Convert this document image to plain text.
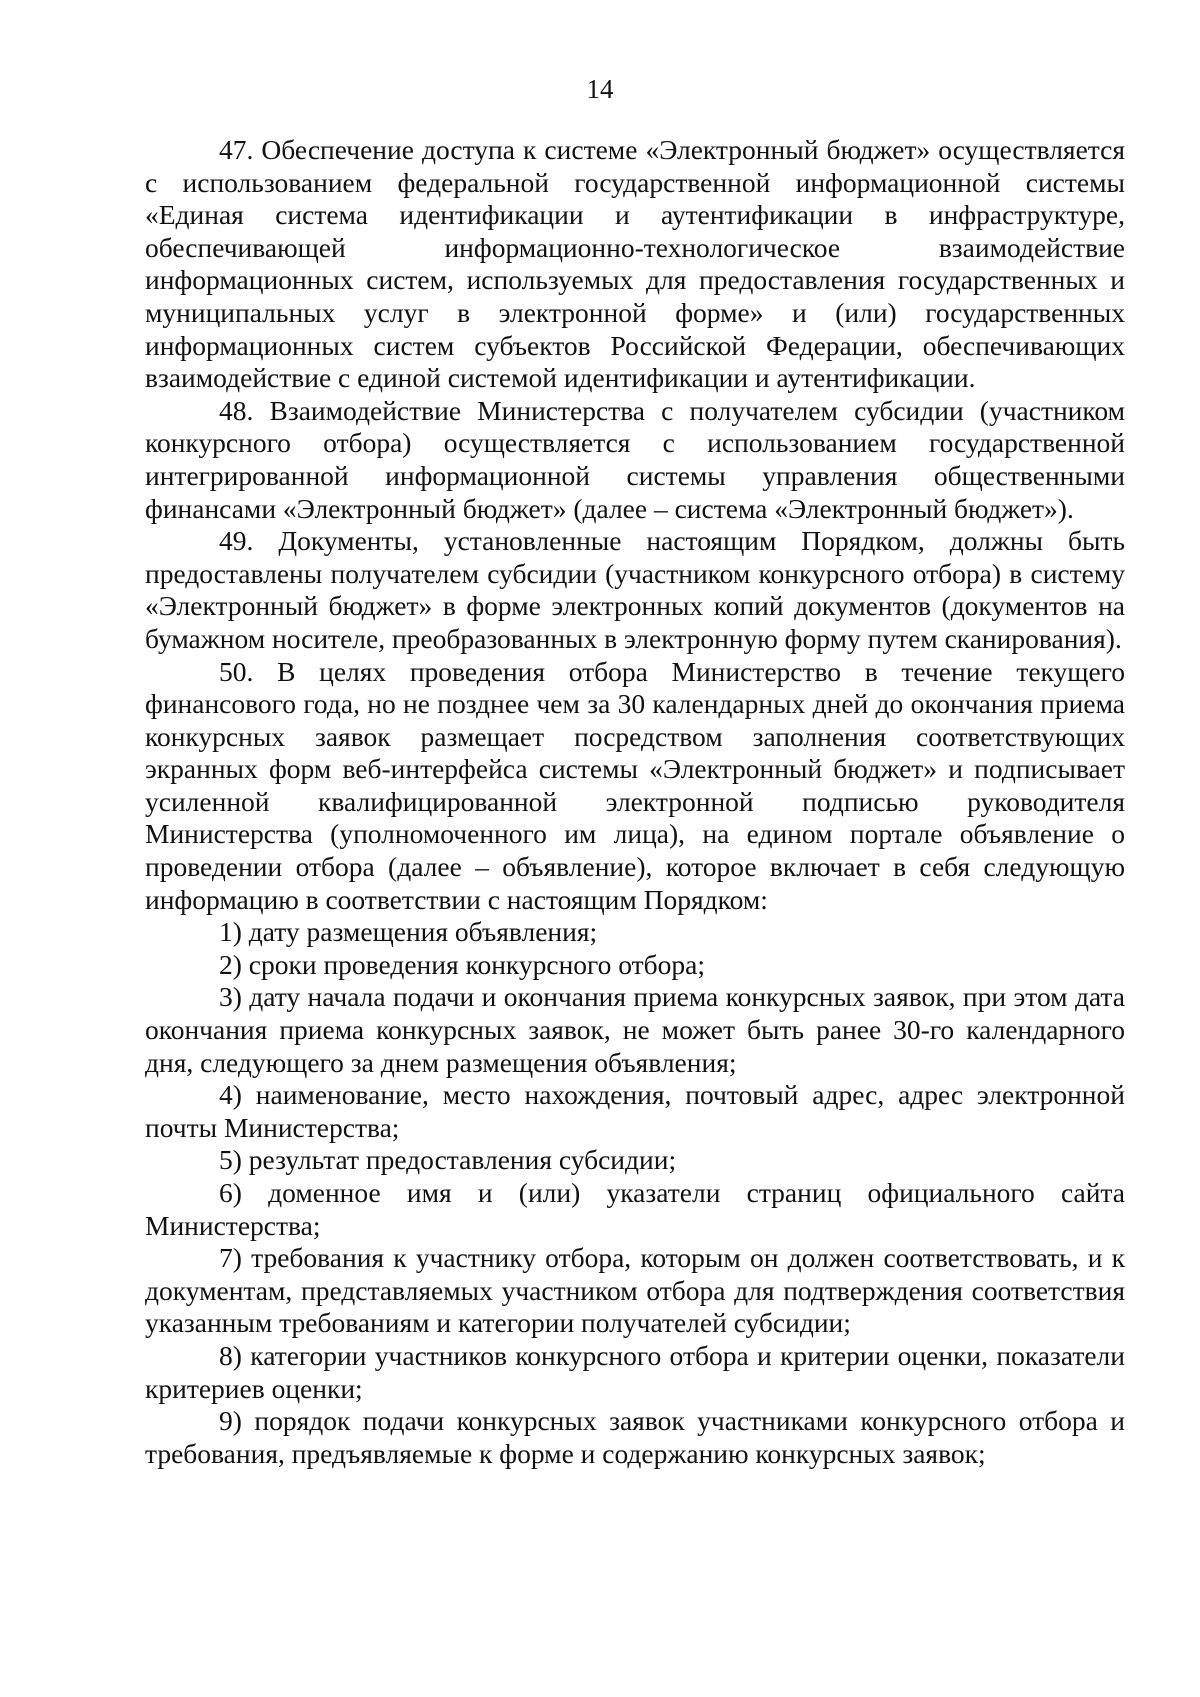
14

47. Обеспечение доступа к системе «Электронный бюджет» осуществляется с использованием федеральной государственной информационной системы «Единая система идентификации и аутентификации в инфраструктуре, обеспечивающей информационно-технологическое взаимодействие информационных систем, используемых для предоставления государственных и муниципальных услуг в электронной форме» и (или) государственных информационных систем субъектов Российской Федерации, обеспечивающих взаимодействие с единой системой идентификации и аутентификации.

48. Взаимодействие Министерства с получателем субсидии (участником конкурсного отбора) осуществляется с использованием государственной интегрированной информационной системы управления общественными финансами «Электронный бюджет» (далее – система «Электронный бюджет»).

49. Документы, установленные настоящим Порядком, должны быть предоставлены получателем субсидии (участником конкурсного отбора) в систему «Электронный бюджет» в форме электронных копий документов (документов на бумажном носителе, преобразованных в электронную форму путем сканирования).

50. В целях проведения отбора Министерство в течение текущего финансового года, но не позднее чем за 30 календарных дней до окончания приема конкурсных заявок размещает посредством заполнения соответствующих экранных форм веб-интерфейса системы «Электронный бюджет» и подписывает усиленной квалифицированной электронной подписью руководителя Министерства (уполномоченного им лица), на едином портале объявление о проведении отбора (далее – объявление), которое включает в себя следующую информацию в соответствии с настоящим Порядком:

1) дату размещения объявления;

2) сроки проведения конкурсного отбора;

3) дату начала подачи и окончания приема конкурсных заявок, при этом дата окончания приема конкурсных заявок, не может быть ранее 30-го календарного дня, следующего за днем размещения объявления;

4) наименование, место нахождения, почтовый адрес, адрес электронной почты Министерства;

5) результат предоставления субсидии;

6) доменное имя и (или) указатели страниц официального сайта Министерства;

7) требования к участнику отбора, которым он должен соответствовать, и к документам, представляемых участником отбора для подтверждения соответствия указанным требованиям и категории получателей субсидии;

8) категории участников конкурсного отбора и критерии оценки, показатели критериев оценки;

9) порядок подачи конкурсных заявок участниками конкурсного отбора и требования, предъявляемые к форме и содержанию конкурсных заявок;
